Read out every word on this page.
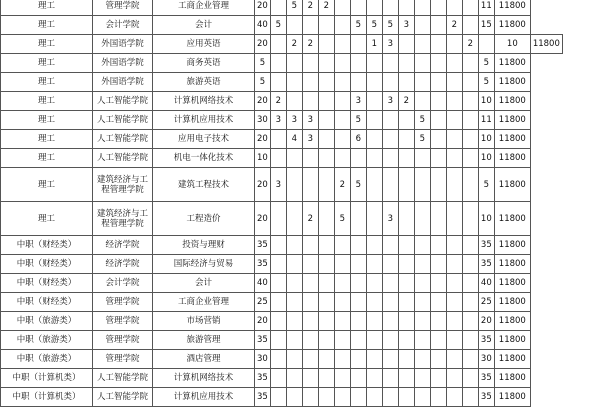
理工	管理学院	工商企业管理	20		5	2	2										11	11800	
理工	会计学院	会计	40	5					5	5	5	3			2		15	11800	
理工	外国语学院	应用英语	20		2	2				1	3					2		10	11800
理工	外国语学院	商务英语	5														5	11800	
理工	外国语学院	旅游英语	5														5	11800	
理工	人工智能学院	计算机网络技术	20	2					3		3	2					10	11800	
理工	人工智能学院	计算机应用技术	30	3	3	3			5				5				11	11800	
理工	人工智能学院	应用电子技术	20		4	3			6				5				10	11800	
理工	人工智能学院	机电一体化技术	10														10	11800	
理工	建筑经济与工程管理学院	建筑工程技术	20	3				2	5								5	11800	
理工	建筑经济与工程管理学院	工程造价	20			2		5			3						10	11800	
中职（财经类）	经济学院	投资与理财	35														35	11800	
中职（财经类）	经济学院	国际经济与贸易	35														35	11800	
中职（财经类）	会计学院	会计	40														40	11800	
中职（财经类）	管理学院	工商企业管理	25														25	11800	
中职（旅游类）	管理学院	市场营销	20														20	11800	
中职（旅游类）	管理学院	旅游管理	35														35	11800	
中职（旅游类）	管理学院	酒店管理	30														30	11800	
中职（计算机类）	人工智能学院	计算机网络技术	35														35	11800	
中职（计算机类）	人工智能学院	计算机应用技术	35														35	11800	
